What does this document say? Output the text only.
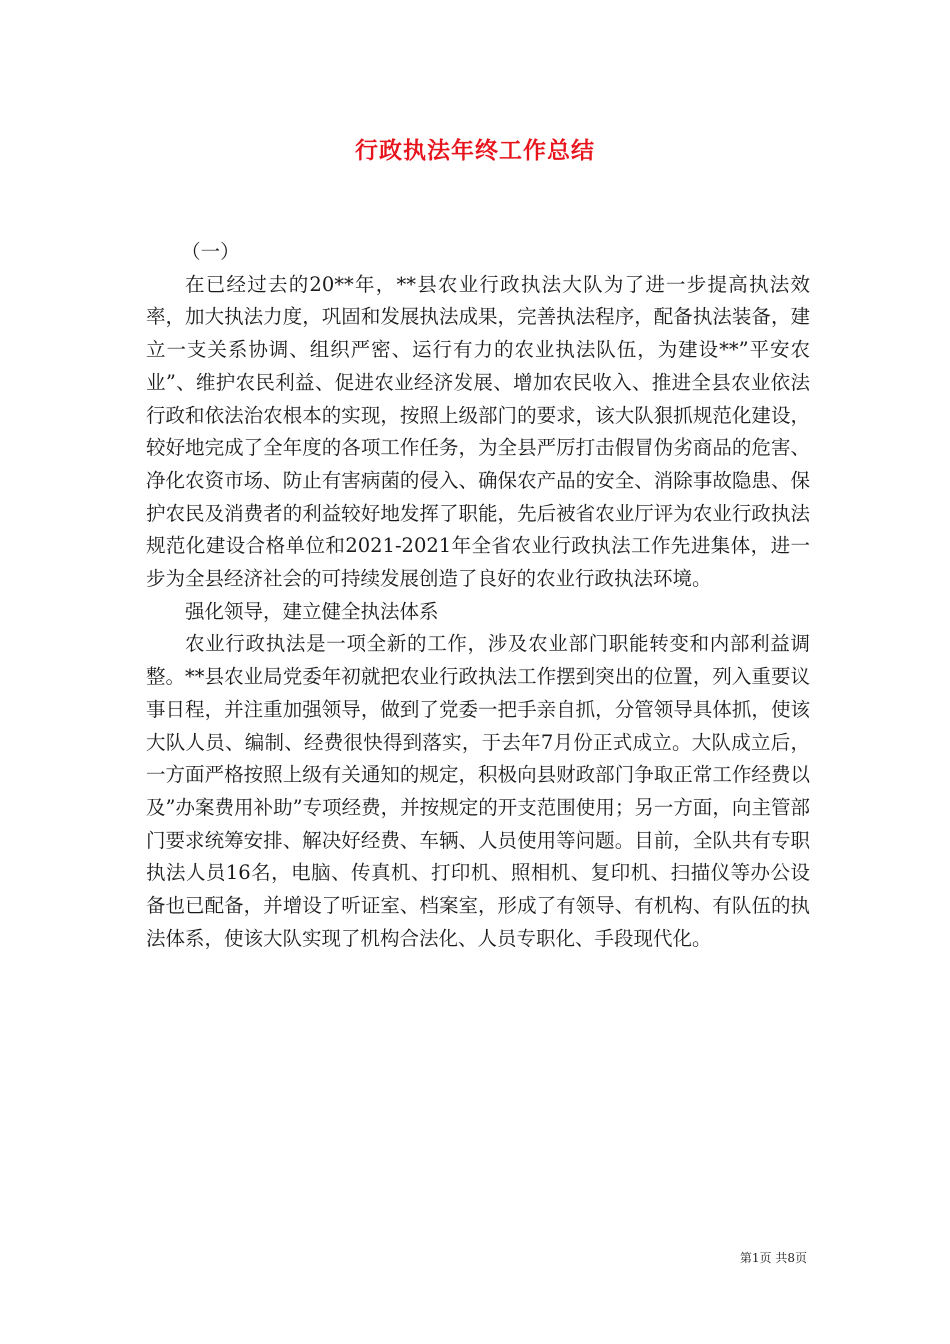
行政执法年终工作总结

（一）

在已经过去的20**年，**县农业行政执法大队为了进一步提高执法效率，加大执法力度，巩固和发展执法成果，完善执法程序，配备执法装备，建立一支关系协调、组织严密、运行有力的农业执法队伍，为建设**”平安农业”、维护农民利益、促进农业经济发展、增加农民收入、推进全县农业依法行政和依法治农根本的实现，按照上级部门的要求，该大队狠抓规范化建设，较好地完成了全年度的各项工作任务，为全县严厉打击假冒伪劣商品的危害、净化农资市场、防止有害病菌的侵入、确保农产品的安全、消除事故隐患、保护农民及消费者的利益较好地发挥了职能，先后被省农业厅评为农业行政执法规范化建设合格单位和2021-2021年全省农业行政执法工作先进集体，进一步为全县经济社会的可持续发展创造了良好的农业行政执法环境。

强化领导，建立健全执法体系

农业行政执法是一项全新的工作，涉及农业部门职能转变和内部利益调整。**县农业局党委年初就把农业行政执法工作摆到突出的位置，列入重要议事日程，并注重加强领导，做到了党委一把手亲自抓，分管领导具体抓，使该大队人员、编制、经费很快得到落实，于去年7月份正式成立。大队成立后，一方面严格按照上级有关通知的规定，积极向县财政部门争取正常工作经费以及”办案费用补助”专项经费，并按规定的开支范围使用；另一方面，向主管部门要求统筹安排、解决好经费、车辆、人员使用等问题。目前，全队共有专职执法人员16名，电脑、传真机、打印机、照相机、复印机、扫描仪等办公设备也已配备，并增设了听证室、档案室，形成了有领导、有机构、有队伍的执法体系，使该大队实现了机构合法化、人员专职化、手段现代化。

第1页 共8页
